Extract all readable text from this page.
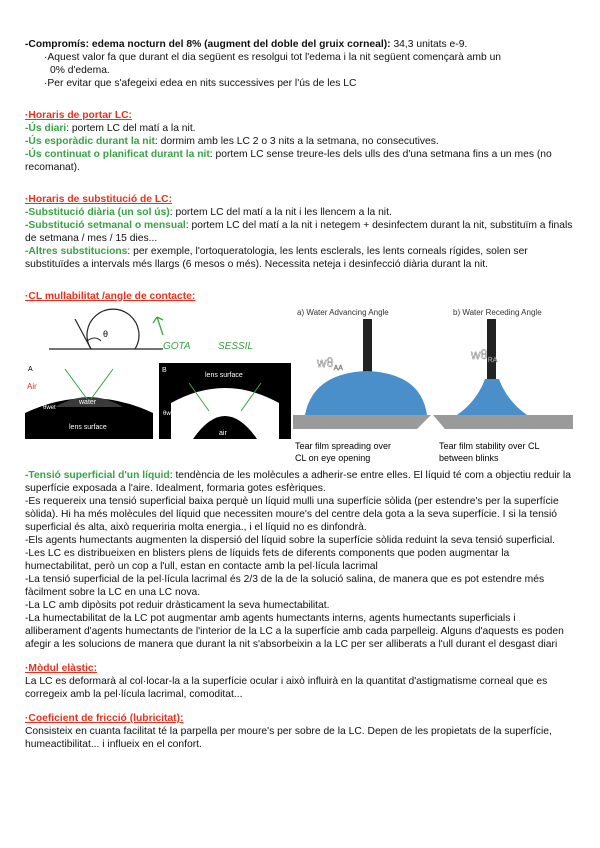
-Compromís: edema nocturn del 8% (augment del doble del gruix corneal): 34,3 unitats e-9.

·Aquest valor fa que durant el dia següent es resolgui tot l'edema i la nit següent començarà amb un

0% d'edema.

·Per evitar que s'afegeixi edea en nits successives per l'ús de les LC

·Horaris de portar LC:

-Ús diari: portem LC del matí a la nit.

-Ús esporàdic durant la nit: dormim amb les LC 2 o 3 nits a la setmana, no consecutives.

-Ús continuat o planificat durant la nit: portem LC sense treure-les dels ulls des d'una setmana fins a un mes (no recomanat).

·Horaris de substitució de LC:

-Substitució diària (un sol ús): portem LC del matí a la nit i les llencem a la nit.

-Substitució setmanal o mensual: portem LC del matí a la nit i netegem + desinfectem durant la nit, substituïm a finals de setmana / mes / 15 dies...

-Altres substitucions: per exemple, l'ortoqueratologia, les lents esclerals, les lents corneals rígides, solen ser substituïdes a intervals més llargs (6 mesos o més). Necessita neteja i desinfecció diària durant la nit.

·CL mullabilitat /angle de contacte:

θ
GOTA	SESSIL
A
Air
water
θwet
lens surface
B
lens surface
θwet	θwet
air
a) Water Advancing Angle
$w\theta_{AA}$
Tear film spreading over
CL on eye opening
b) Water Receding Angle
$w\theta_{RA}$
Tear film stability over CL
between blinks

-Tensió superficial d'un líquid: tendència de les molècules a adherir-se entre elles. El líquid té com a objectiu reduir la superfície exposada a l'aire. Idealment, formaria gotes esfèriques.

-Es requereix una tensió superficial baixa perquè un líquid mulli una superfície sòlida (per estendre's per la superfície sòlida). Hi ha més molècules del líquid que necessiten moure's del centre dela gota a la seva superfície. I si la tensió superficial és alta, això requeriria molta energia., i el líquid no es dinfondrà.

-Els agents humectants augmenten la dispersió del líquid sobre la superfície sòlida reduint la seva tensió superficial.

-Les LC es distribueixen en blisters plens de líquids fets de diferents components que poden augmentar la humectabilitat, però un cop a l'ull, estan en contacte amb la pel·lícula lacrimal

-La tensió superficial de la pel·lícula lacrimal és 2/3 de la de la solució salina, de manera que es pot estendre més fàcilment sobre la LC en una LC nova.

-La LC amb dipòsits pot reduir dràsticament la seva humectabilitat.

-La humectabilitat de la LC pot augmentar amb agents humectants interns, agents humectants superficials i alliberament d'agents humectants de l'interior de la LC a la superfície amb cada parpelleig. Alguns d'aquests es poden afegir a les solucions de manera que durant la nit s'absorbeixin a la LC per ser alliberats a l'ull durant el desgast diari

·Mòdul elàstic:

La LC es deformarà al col·locar-la a la superfície ocular i això influirà en la quantitat d'astigmatisme corneal que es corregeix amb la pel·lícula lacrimal, comoditat...

·Coeficient de fricció (lubricitat):

Consisteix en cuanta facilitat té la parpella per moure's per sobre de la LC. Depen de les propietats de la superfície, humeactibilitat... i influeix en el confort.
